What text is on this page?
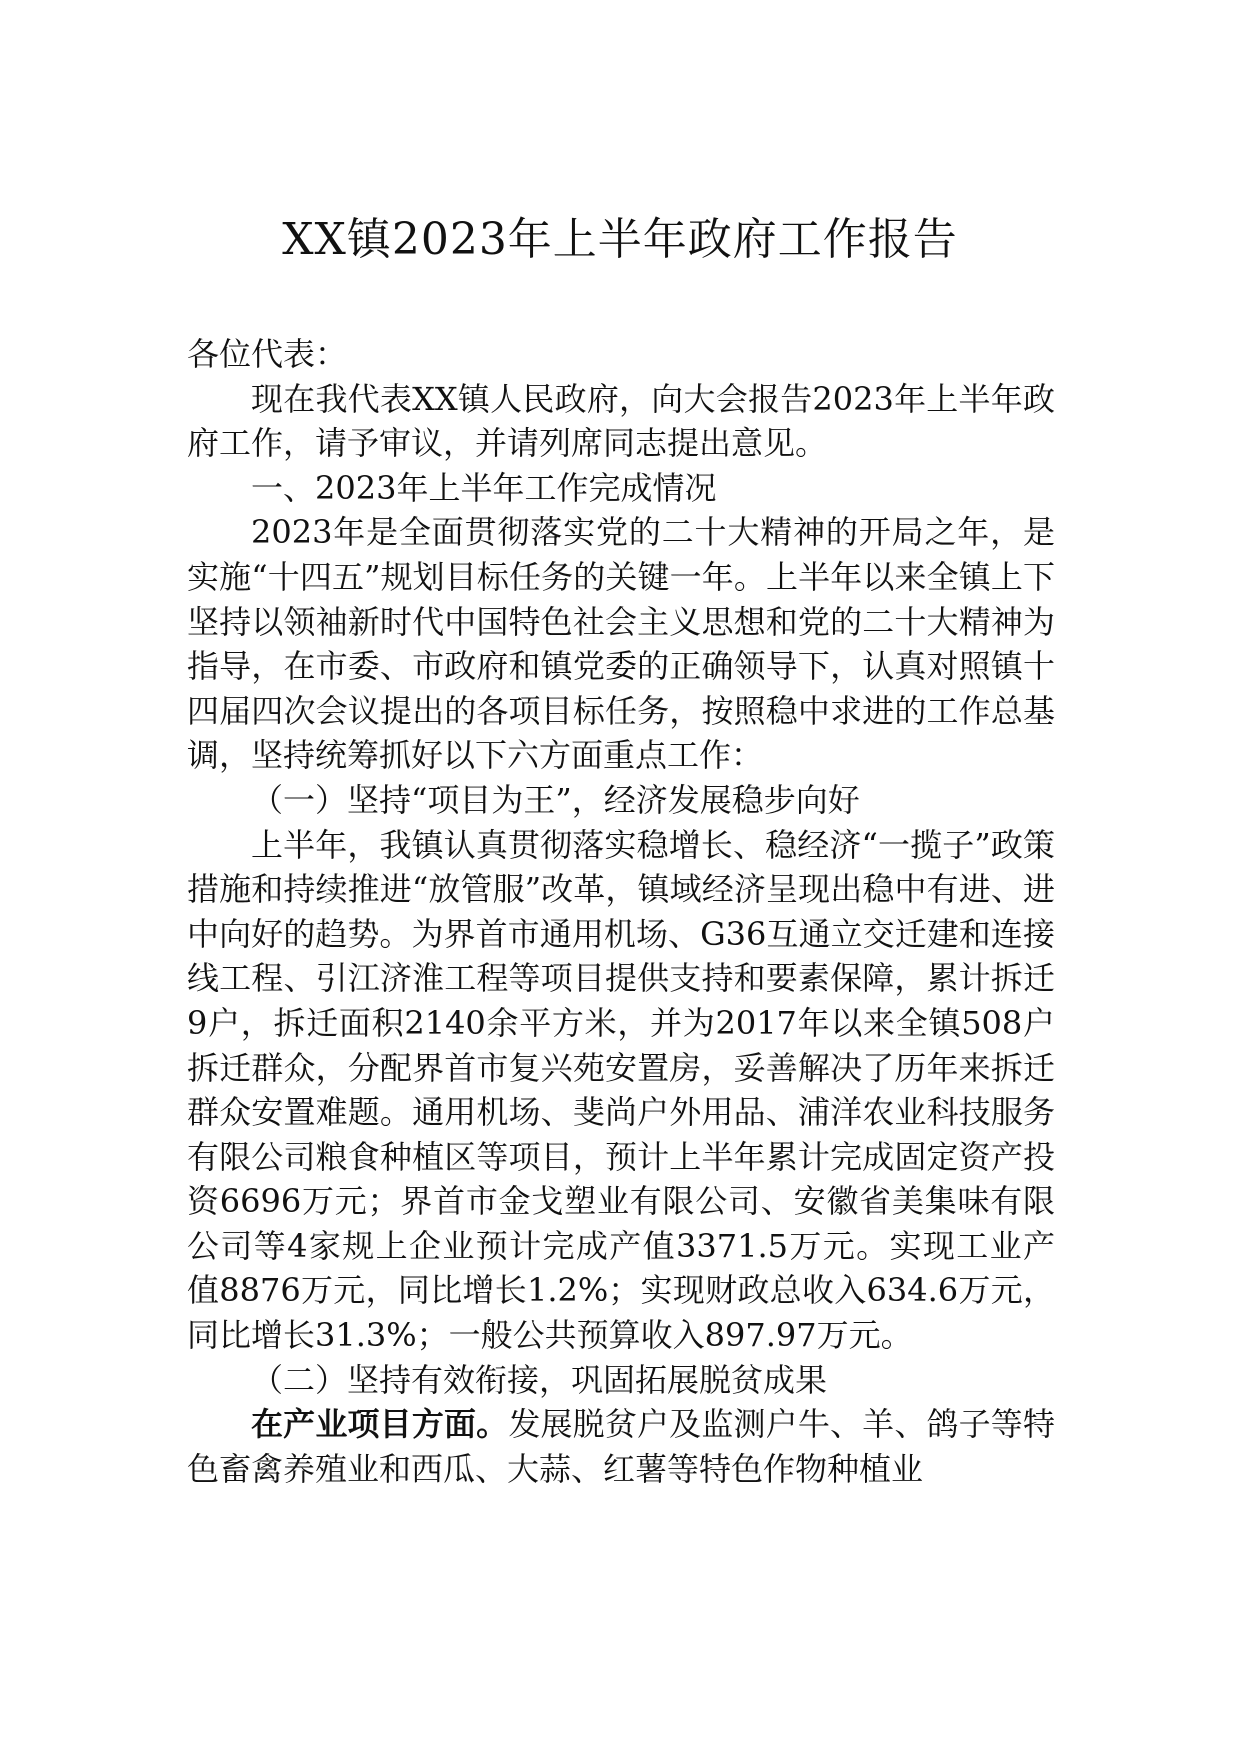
XX镇2023年上半年政府工作报告

各位代表：

现在我代表XX镇人民政府，向大会报告2023年上半年政府工作，请予审议，并请列席同志提出意见。

一、2023年上半年工作完成情况

2023年是全面贯彻落实党的二十大精神的开局之年，是实施“十四五”规划目标任务的关键一年。上半年以来全镇上下坚持以领袖新时代中国特色社会主义思想和党的二十大精神为指导，在市委、市政府和镇党委的正确领导下，认真对照镇十四届四次会议提出的各项目标任务，按照稳中求进的工作总基调，坚持统筹抓好以下六方面重点工作：

（一）坚持“项目为王”，经济发展稳步向好

上半年，我镇认真贯彻落实稳增长、稳经济“一揽子”政策措施和持续推进“放管服”改革，镇域经济呈现出稳中有进、进中向好的趋势。为界首市通用机场、G36互通立交迁建和连接线工程、引江济淮工程等项目提供支持和要素保障，累计拆迁9户，拆迁面积2140余平方米，并为2017年以来全镇508户拆迁群众，分配界首市复兴苑安置房，妥善解决了历年来拆迁群众安置难题。通用机场、斐尚户外用品、浦洋农业科技服务有限公司粮食种植区等项目，预计上半年累计完成固定资产投资6696万元；界首市金戈塑业有限公司、安徽省美集味有限公司等4家规上企业预计完成产值3371.5万元。实现工业产值8876万元，同比增长1.2%；实现财政总收入634.6万元，同比增长31.3%；一般公共预算收入897.97万元。

（二）坚持有效衔接，巩固拓展脱贫成果

在产业项目方面。发展脱贫户及监测户牛、羊、鸽子等特色畜禽养殖业和西瓜、大蒜、红薯等特色作物种植业
